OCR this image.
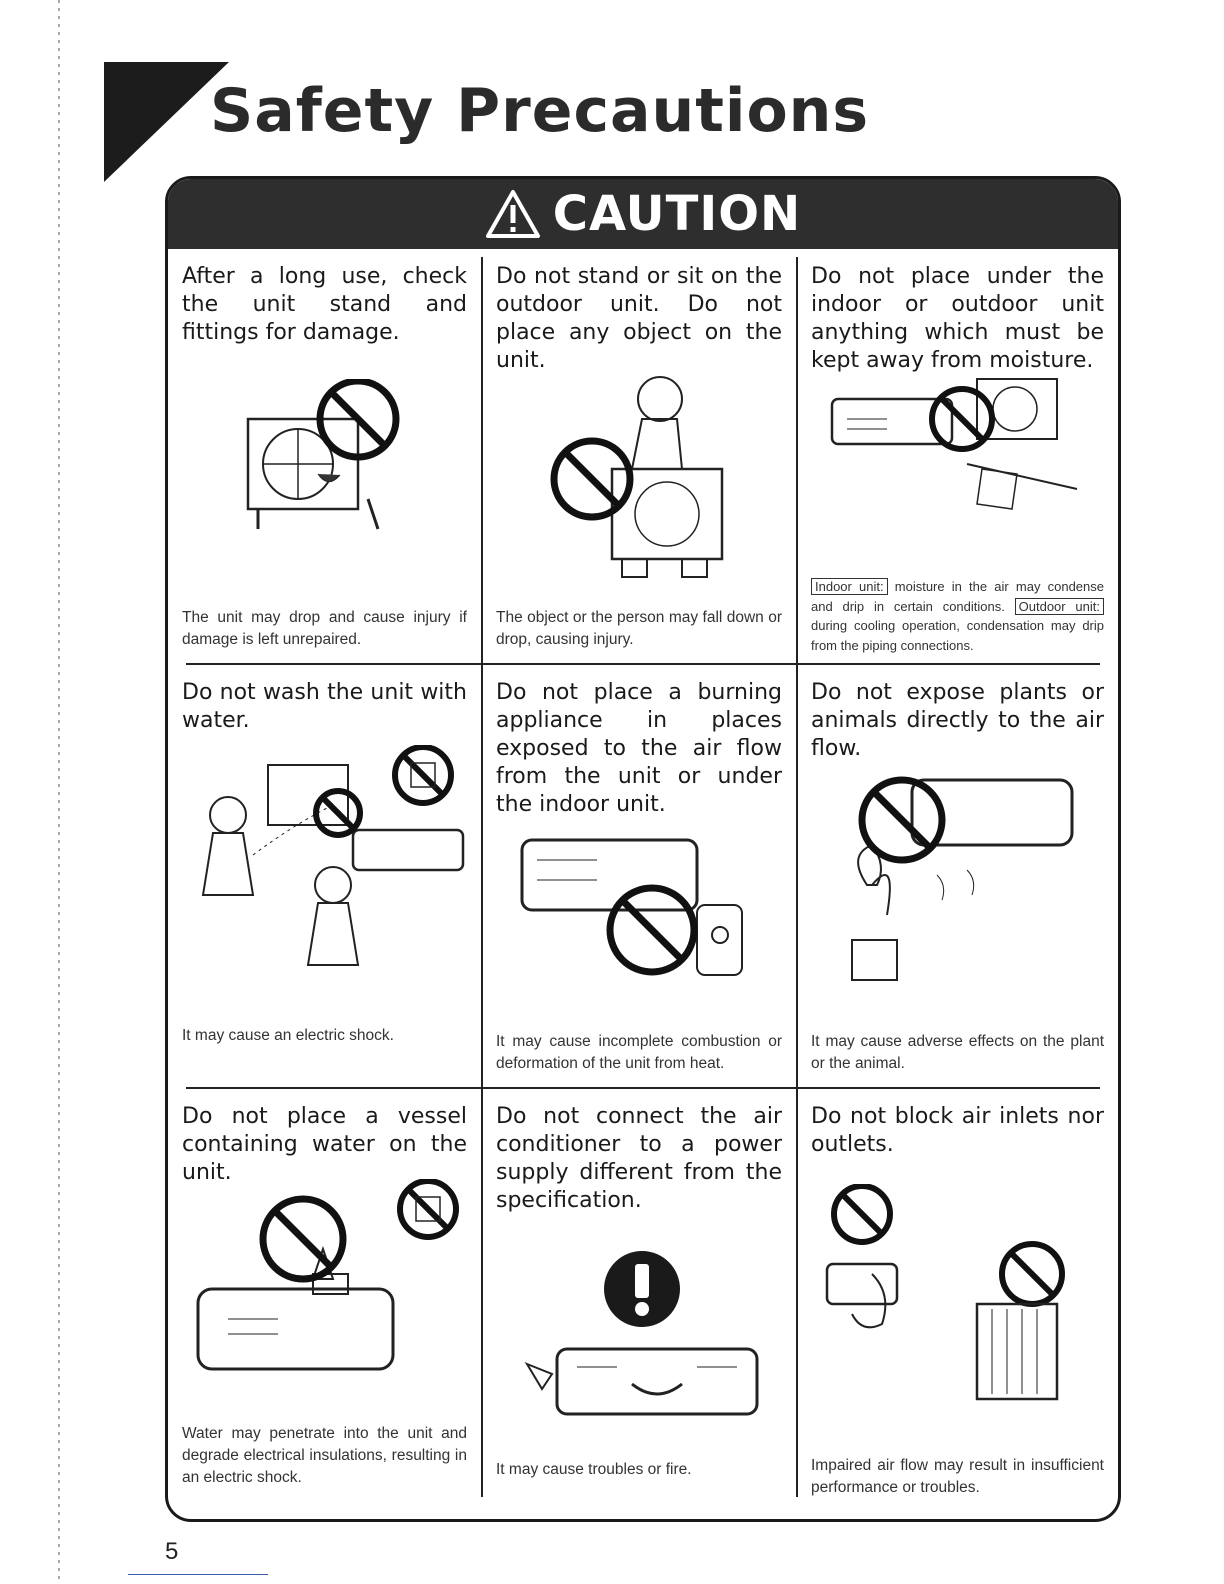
Safety Precautions
CAUTION
After a long use, check the unit stand and fittings for damage.
The unit may drop and cause injury if damage is left unrepaired.
Do not stand or sit on the outdoor unit. Do not place any object on the unit.
The object or the person may fall down or drop, causing injury.
Do not place under the indoor or outdoor unit anything which must be kept away from moisture.
Indoor unit: moisture in the air may condense and drip in certain conditions. Outdoor unit: during cooling operation, condensation may drip from the piping connections.
Do not wash the unit with water.
It may cause an electric shock.
Do not place a burning appliance in places exposed to the air flow from the unit or under the indoor unit.
It may cause incomplete combustion or deformation of the unit from heat.
Do not expose plants or animals directly to the air flow.
It may cause adverse effects on the plant or the animal.
Do not place a vessel containing water on the unit.
Water may penetrate into the unit and degrade electrical insulations, resulting in an electric shock.
Do not connect the air conditioner to a power supply different from the specification.
It may cause troubles or fire.
Do not block air inlets nor outlets.
Impaired air flow may result in insufficient performance or troubles.
5
